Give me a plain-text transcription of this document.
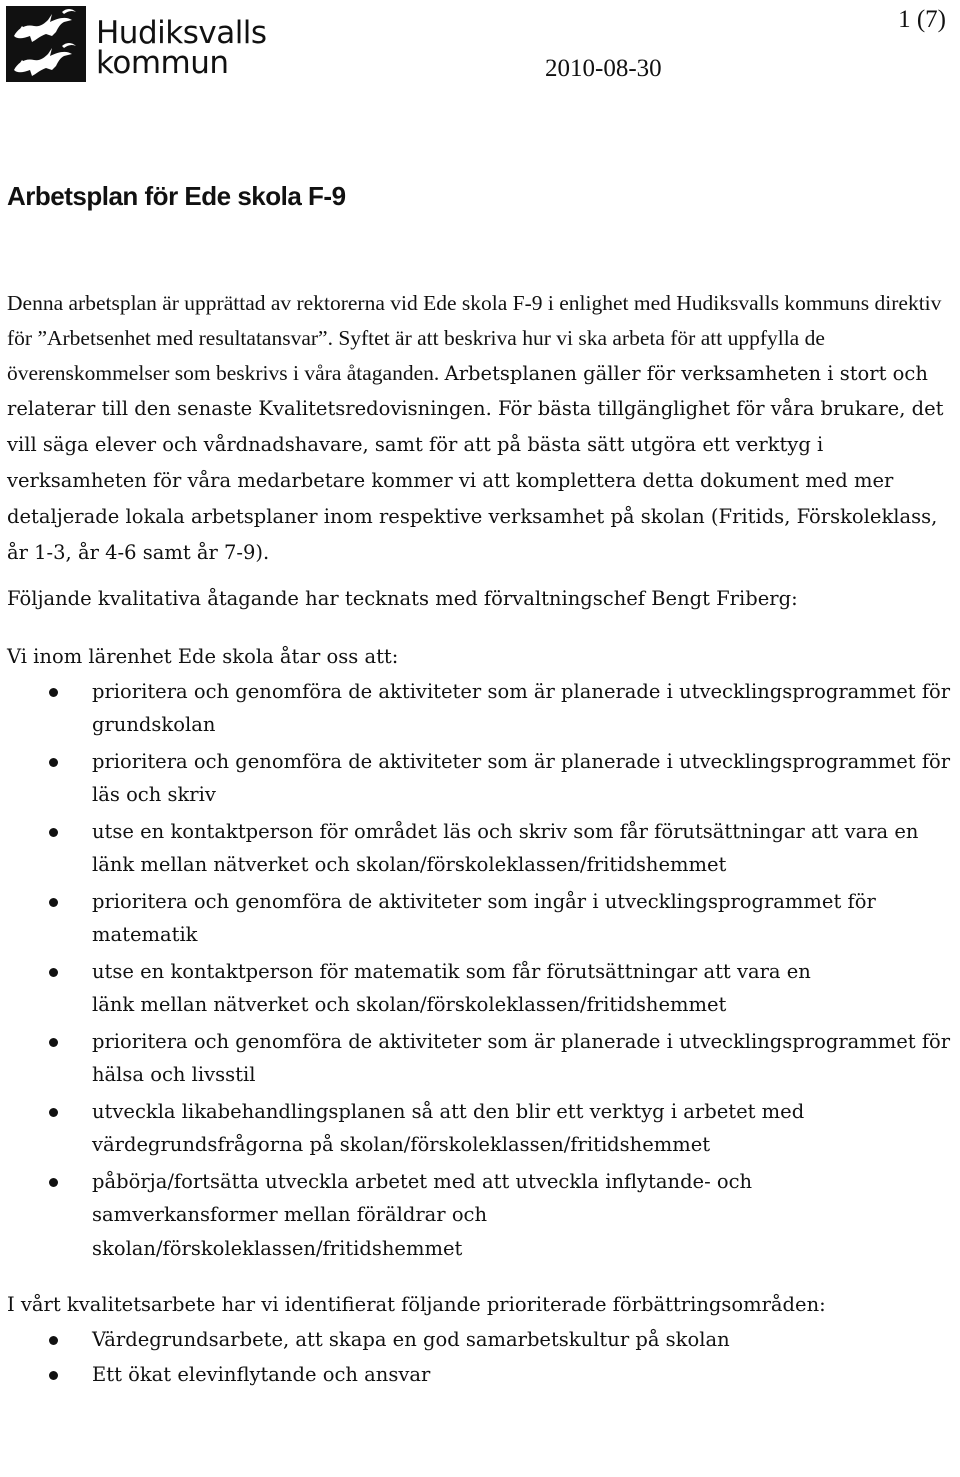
Hudiksvalls
kommun	2010-08-30
1 (7)
Arbetsplan för Ede skola F-9

Denna arbetsplan är upprättad av rektorerna vid Ede skola F-9 i enlighet med Hudiksvalls kommuns direktiv för ”Arbetsenhet med resultatansvar”. Syftet är att beskriva hur vi ska arbeta för att uppfylla de överenskommelser som beskrivs i våra åtaganden. Arbetsplanen gäller för verksamheten i stort och relaterar till den senaste Kvalitetsredovisningen. För bästa tillgänglighet för våra brukare, det vill säga elever och vårdnadshavare, samt för att på bästa sätt utgöra ett verktyg i verksamheten för våra medarbetare kommer vi att komplettera detta dokument med mer detaljerade lokala arbetsplaner inom respektive verksamhet på skolan (Fritids, Förskoleklass, år 1-3, år 4-6 samt år 7-9).

Följande kvalitativa åtagande har tecknats med förvaltningschef Bengt Friberg:

Vi inom lärenhet Ede skola åtar oss att:

prioritera och genomföra de aktiviteter som är planerade i utvecklingsprogrammet för grundskolan
prioritera och genomföra de aktiviteter som är planerade i utvecklingsprogrammet för läs och skriv
utse en kontaktperson för området läs och skriv som får förutsättningar att vara en länk mellan nätverket och skolan/förskoleklassen/fritidshemmet
prioritera och genomföra de aktiviteter som ingår i utvecklingsprogrammet för matematik
utse en kontaktperson för matematik som får förutsättningar att vara en länk mellan nätverket och skolan/förskoleklassen/fritidshemmet
prioritera och genomföra de aktiviteter som är planerade i utvecklingsprogrammet för hälsa och livsstil
utveckla likabehandlingsplanen så att den blir ett verktyg i arbetet med värdegrundsfrågorna på skolan/förskoleklassen/fritidshemmet
påbörja/fortsätta utveckla arbetet med att utveckla inflytande- och samverkansformer mellan föräldrar och skolan/förskoleklassen/fritidshemmet

I vårt kvalitetsarbete har vi identifierat följande prioriterade förbättringsområden:

Värdegrundsarbete, att skapa en god samarbetskultur på skolan
Ett ökat elevinflytande och ansvar
